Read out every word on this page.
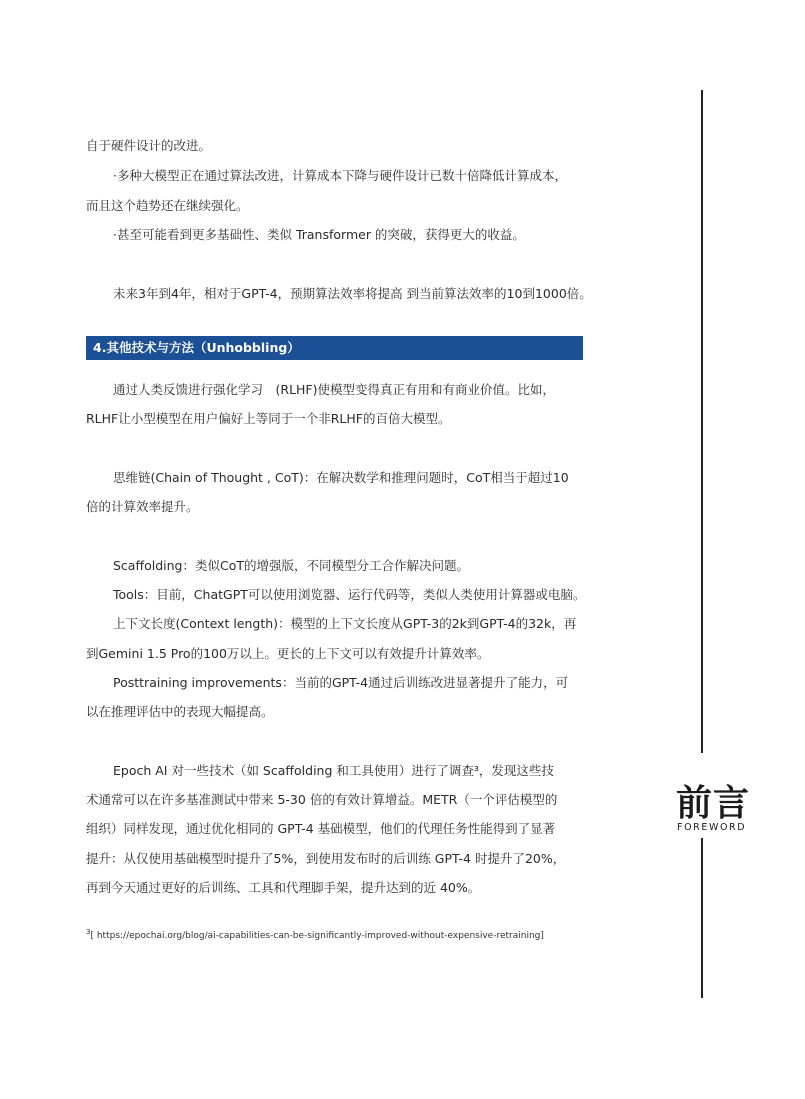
自于硬件设计的改进。
·多种大模型正在通过算法改进，计算成本下降与硬件设计已数十倍降低计算成本，
而且这个趋势还在继续强化。
·甚至可能看到更多基础性、类似 Transformer 的突破，获得更大的收益。
未来3年到4年，相对于GPT-4，预期算法效率将提高 到当前算法效率的10到1000倍。
通过人类反馈进行强化学习　(RLHF)使模型变得真正有用和有商业价值。比如，
RLHF让小型模型在用户偏好上等同于一个非RLHF的百倍大模型。
思维链(Chain of Thought , CoT)：在解决数学和推理问题时，CoT相当于超过10
倍的计算效率提升。
Scaffolding：类似CoT的增强版，不同模型分工合作解决问题。
Tools：目前，ChatGPT可以使用浏览器、运行代码等，类似人类使用计算器或电脑。
上下文长度(Context length)：模型的上下文长度从GPT-3的2k到GPT-4的32k，再
到Gemini 1.5 Pro的100万以上。更长的上下文可以有效提升计算效率。
Posttraining improvements：当前的GPT-4通过后训练改进显著提升了能力，可
以在推理评估中的表现大幅提高。
Epoch AI 对一些技术（如 Scaffolding 和工具使用）进行了调查³，发现这些技
术通常可以在许多基准测试中带来 5-30 倍的有效计算增益。METR（一个评估模型的
组织）同样发现，通过优化相同的 GPT-4 基础模型，他们的代理任务性能得到了显著
提升：从仅使用基础模型时提升了5%，到使用发布时的后训练 GPT-4 时提升了20%，
再到今天通过更好的后训练、工具和代理脚手架，提升达到的近 40%。
4.其他技术与方法（Unhobbling）
$^3$[ https://epochai.org/blog/ai-capabilities-can-be-significantly-improved-without-expensive-retraining]
前言
FOREWORD
